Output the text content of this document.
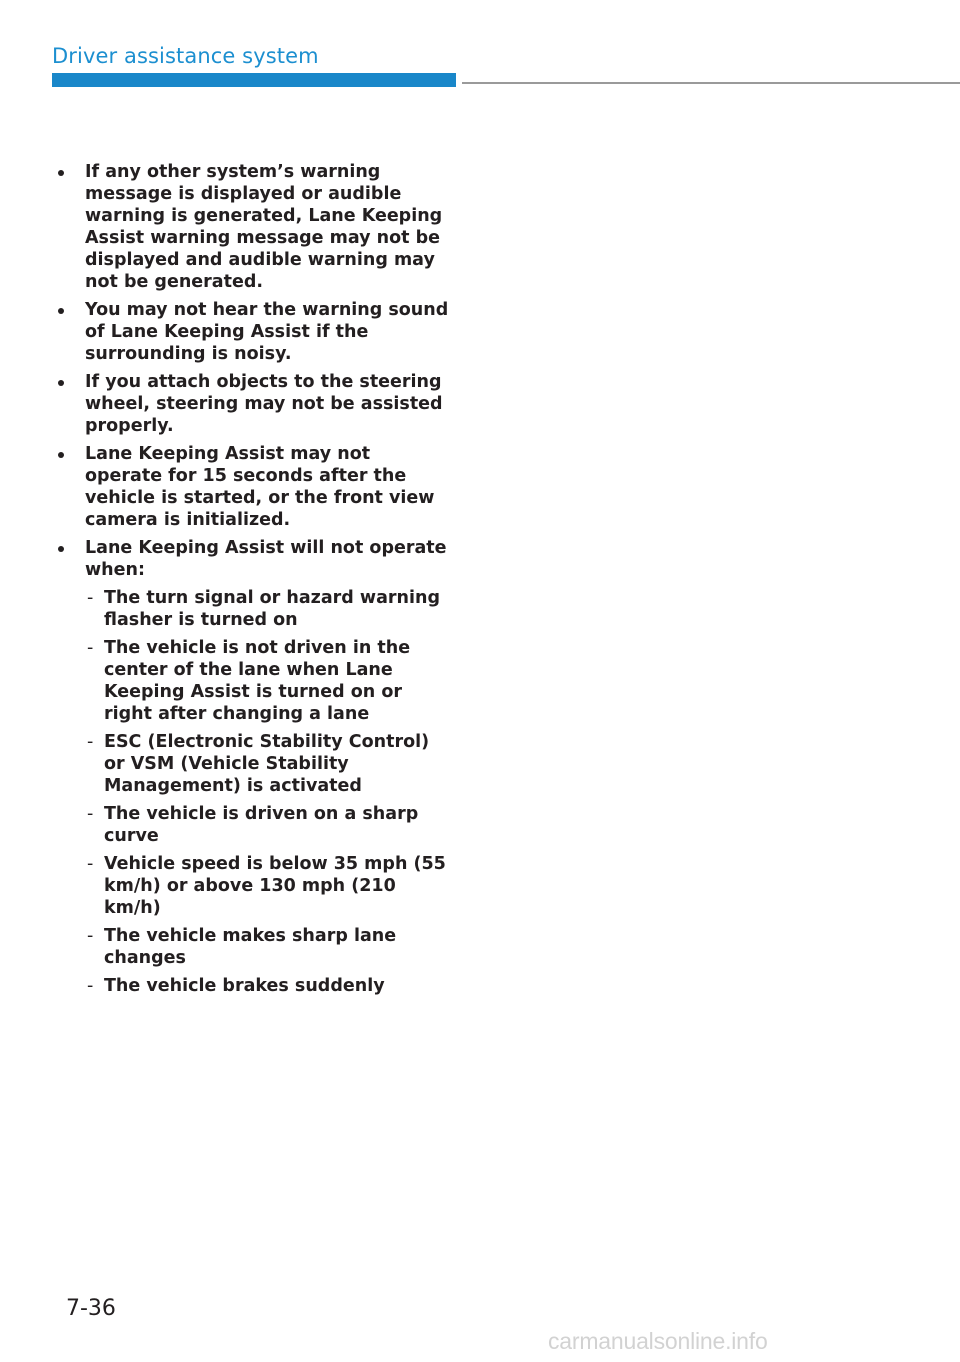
Driver assistance system
If any other system’s warning message is displayed or audible warning is generated, Lane Keeping Assist warning message may not be displayed and audible warning may not be generated.
You may not hear the warning sound of Lane Keeping Assist if the surrounding is noisy.
If you attach objects to the steering wheel, steering may not be assisted properly.
Lane Keeping Assist may not operate for 15 seconds after the vehicle is started, or the front view camera is initialized.
Lane Keeping Assist will not operate when:
- The turn signal or hazard warning flasher is turned on
- The vehicle is not driven in the center of the lane when Lane Keeping Assist is turned on or right after changing a lane
- ESC (Electronic Stability Control) or VSM (Vehicle Stability Management) is activated
- The vehicle is driven on a sharp curve
- Vehicle speed is below 35 mph (55 km/h) or above 130 mph (210 km/h)
- The vehicle makes sharp lane changes
- The vehicle brakes suddenly
7-36
carmanualsonline.info
